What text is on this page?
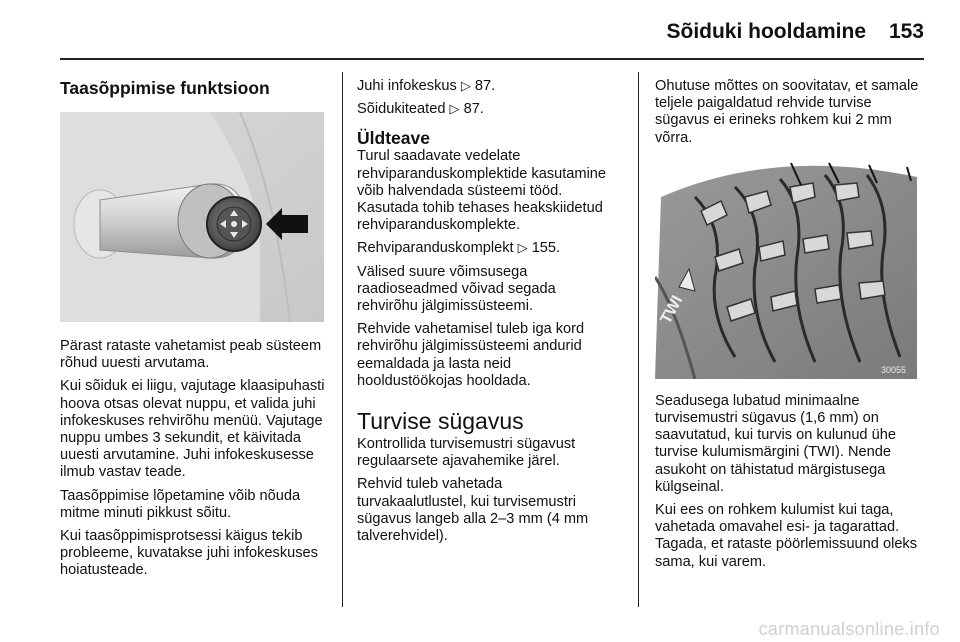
Sõiduki hooldamine 153
Taasõppimise funktsioon

Pärast rataste vahetamist peab süsteem rõhud uuesti arvutama.

Kui sõiduk ei liigu, vajutage klaasipuhasti hoova otsas olevat nuppu, et valida juhi infokeskuses rehvirõhu menüü. Vajutage nuppu umbes 3 sekundit, et käivitada uuesti arvutamine. Juhi infokeskusesse ilmub vastav teade.

Taasõppimise lõpetamine võib nõuda mitme minuti pikkust sõitu.

Kui taasõppimisprotsessi käigus tekib probleeme, kuvatakse juhi infokeskuses hoiatusteade.

Juhi infokeskus ▷ 87.

Sõidukiteated ▷ 87.

Üldteave

Turul saadavate vedelate rehviparanduskomplektide kasutamine võib halvendada süsteemi tööd. Kasutada tohib tehases heakskiidetud rehviparanduskomplekte.

Rehviparanduskomplekt ▷ 155.

Välised suure võimsusega raadioseadmed võivad segada rehvirõhu jälgimissüsteemi.

Rehvide vahetamisel tuleb iga kord rehvirõhu jälgimissüsteemi andurid eemaldada ja lasta neid hooldustöökojas hooldada.

Turvise sügavus

Kontrollida turvisemustri sügavust regulaarsete ajavahemike järel.

Rehvid tuleb vahetada turvakaalutlustel, kui turvisemustri sügavus langeb alla 2–3 mm (4 mm talverehvidel).

Ohutuse mõttes on soovitatav, et samale teljele paigaldatud rehvide turvise sügavus ei erineks rohkem kui 2 mm võrra.

TWI
30055

Seadusega lubatud minimaalne turvisemustri sügavus (1,6 mm) on saavutatud, kui turvis on kulunud ühe turvise kulumismärgini (TWI). Nende asukoht on tähistatud märgistusega külgseinal.

Kui ees on rohkem kulumist kui taga, vahetada omavahel esi- ja tagarattad. Tagada, et rataste pöörlemissuund oleks sama, kui varem.

carmanualsonline.info
